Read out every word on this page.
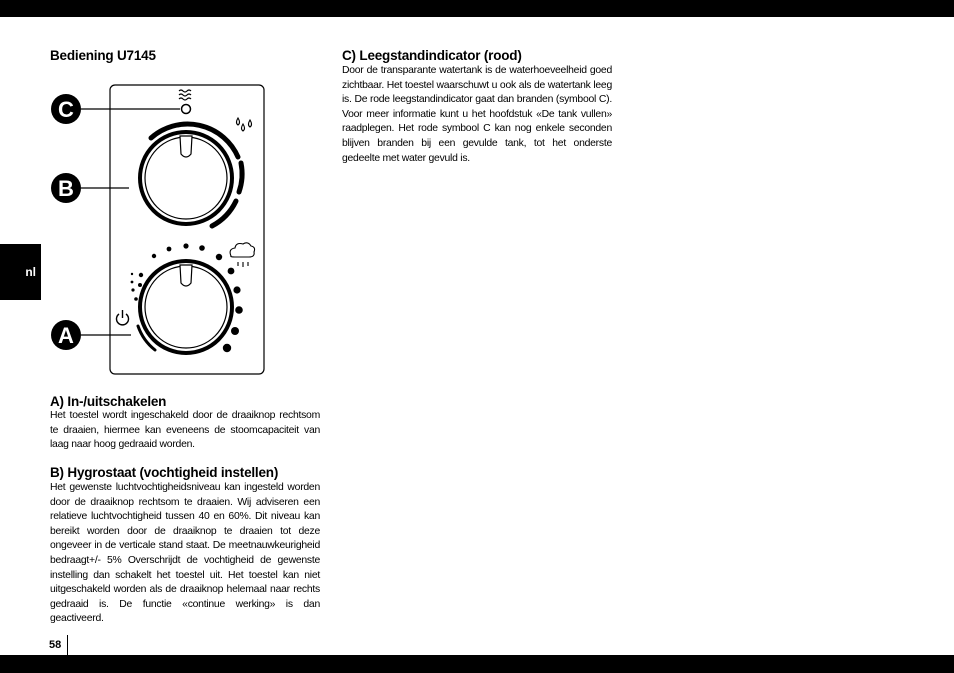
nl
Bediening U7145
C
B
A
A) In-/uitschakelen

Het toestel wordt ingeschakeld door de draaiknop rechtsom te draaien, hiermee kan eveneens de stoomcapaciteit van laag naar hoog gedraaid worden.

B) Hygrostaat (vochtigheid instellen)

Het gewenste luchtvochtigheidsniveau kan ingesteld worden door de draaiknop rechtsom te draaien. Wij adviseren een relatieve luchtvochtigheid tussen 40 en 60%. Dit niveau kan bereikt worden door de draaiknop te draaien tot deze ongeveer in de verticale stand staat. De meetnauwkeurigheid bedraagt+/- 5% Overschrijdt de vochtigheid de gewenste instelling dan schakelt het toestel uit. Het toestel kan niet uitgeschakeld worden als de draaiknop helemaal naar rechts gedraaid is. De functie «continue werking» is dan geactiveerd.

C) Leegstandindicator (rood)

Door de transparante watertank is de waterhoeveelheid goed zichtbaar. Het toestel waarschuwt u ook als de watertank leeg is. De rode leegstandindicator gaat dan branden (symbool C). Voor meer informatie kunt u het hoofdstuk «De tank vullen» raadplegen. Het rode symbool C kan nog enkele seconden blijven branden bij een gevulde tank, tot het onderste gedeelte met water gevuld is.

58
